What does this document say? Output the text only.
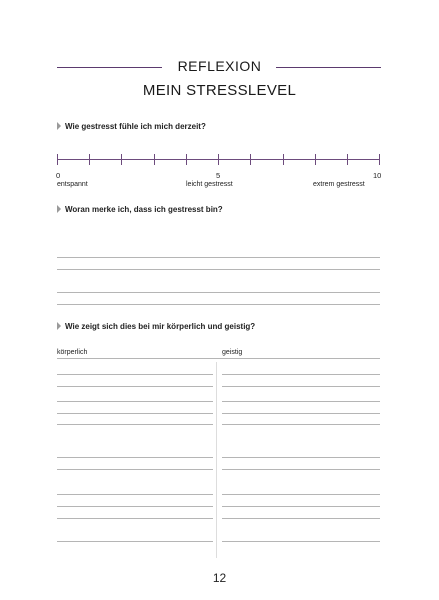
REFLEXION
MEIN STRESSLEVEL
Wie gestresst fühle ich mich derzeit?
0	5	10
entspannt	leicht gestresst	extrem gestresst
Woran merke ich, dass ich gestresst bin?
Wie zeigt sich dies bei mir körperlich und geistig?
körperlich	geistig
12
